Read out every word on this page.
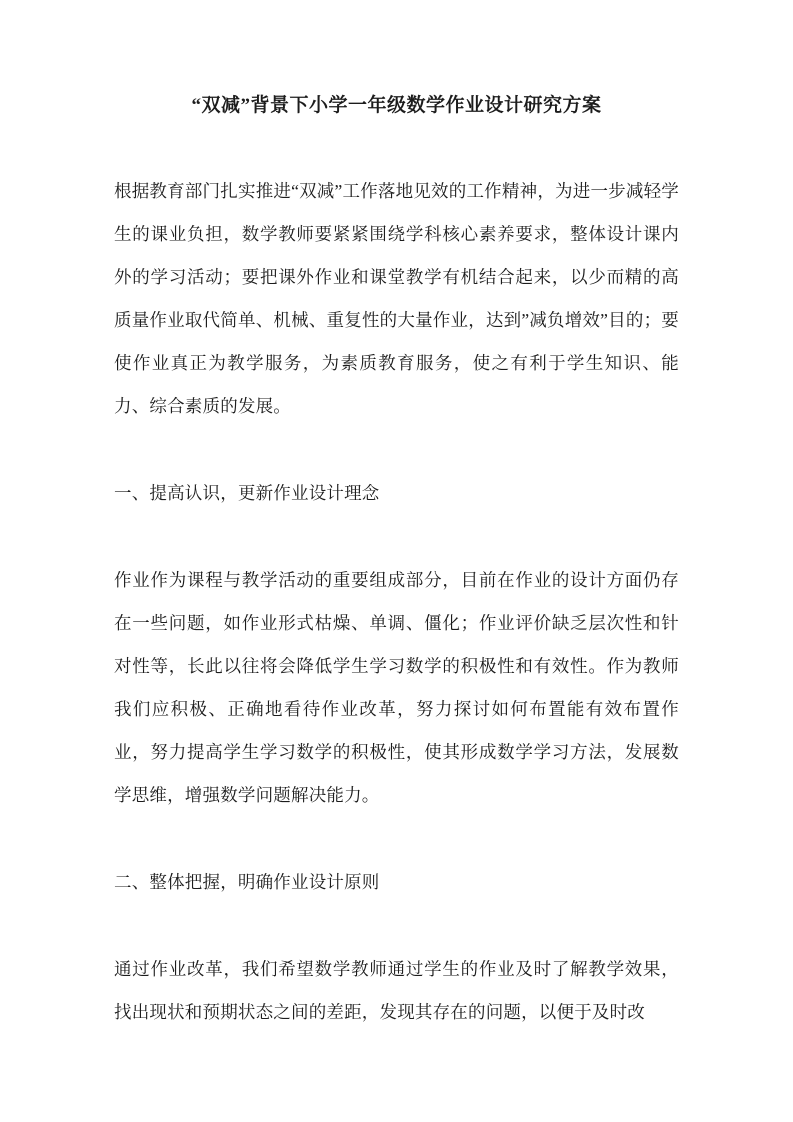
“双减”背景下小学一年级数学作业设计研究方案

根据教育部门扎实推进“双减”工作落地见效的工作精神，为进一步减轻学生的课业负担，数学教师要紧紧围绕学科核心素养要求，整体设计课内外的学习活动；要把课外作业和课堂教学有机结合起来，以少而精的高质量作业取代简单、机械、重复性的大量作业，达到”减负增效”目的；要使作业真正为教学服务，为素质教育服务，使之有利于学生知识、能力、综合素质的发展。

一、提高认识，更新作业设计理念

作业作为课程与教学活动的重要组成部分，目前在作业的设计方面仍存在一些问题，如作业形式枯燥、单调、僵化；作业评价缺乏层次性和针对性等，长此以往将会降低学生学习数学的积极性和有效性。作为教师我们应积极、正确地看待作业改革，努力探讨如何布置能有效布置作业，努力提高学生学习数学的积极性，使其形成数学学习方法，发展数学思维，增强数学问题解决能力。

二、整体把握，明确作业设计原则

通过作业改革，我们希望数学教师通过学生的作业及时了解教学效果，找出现状和预期状态之间的差距，发现其存在的问题，以便于及时改
